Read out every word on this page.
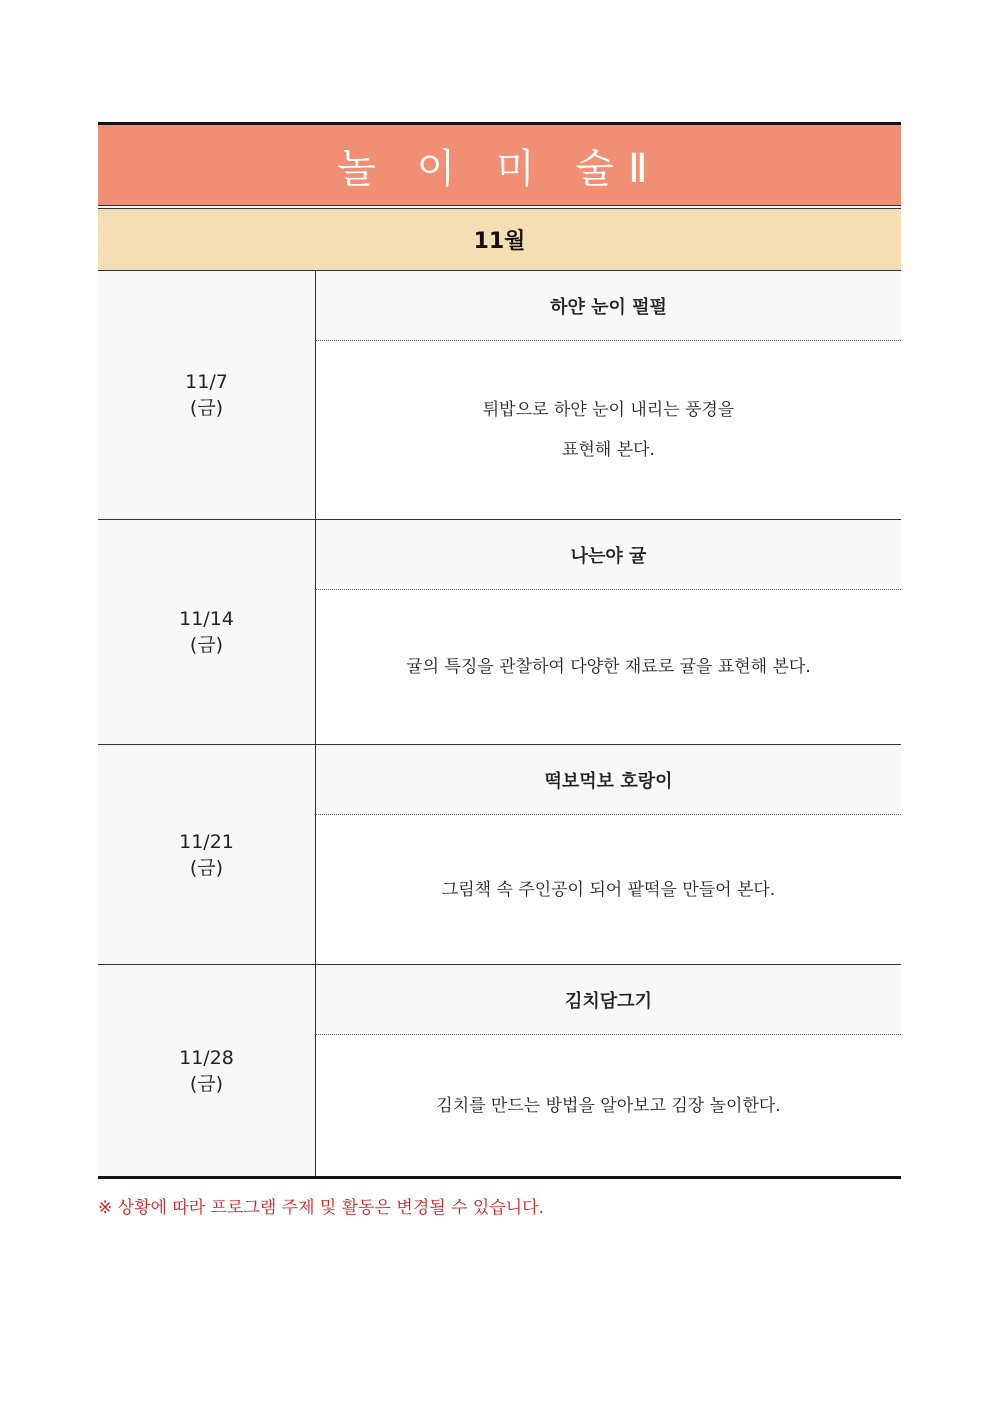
놀 이 미 술Ⅱ
11월
11/7
(금)
하얀 눈이 펄펄
튀밥으로 하얀 눈이 내리는 풍경을
표현해 본다.
11/14
(금)
나는야 귤
귤의 특징을 관찰하여 다양한 재료로 귤을 표현해 본다.
11/21
(금)
떡보먹보 호랑이
그림책 속 주인공이 되어 팥떡을 만들어 본다.
11/28
(금)
김치담그기
김치를 만드는 방법을 알아보고 김장 놀이한다.
※ 상황에 따라 프로그램 주제 및 활동은 변경될 수 있습니다.
